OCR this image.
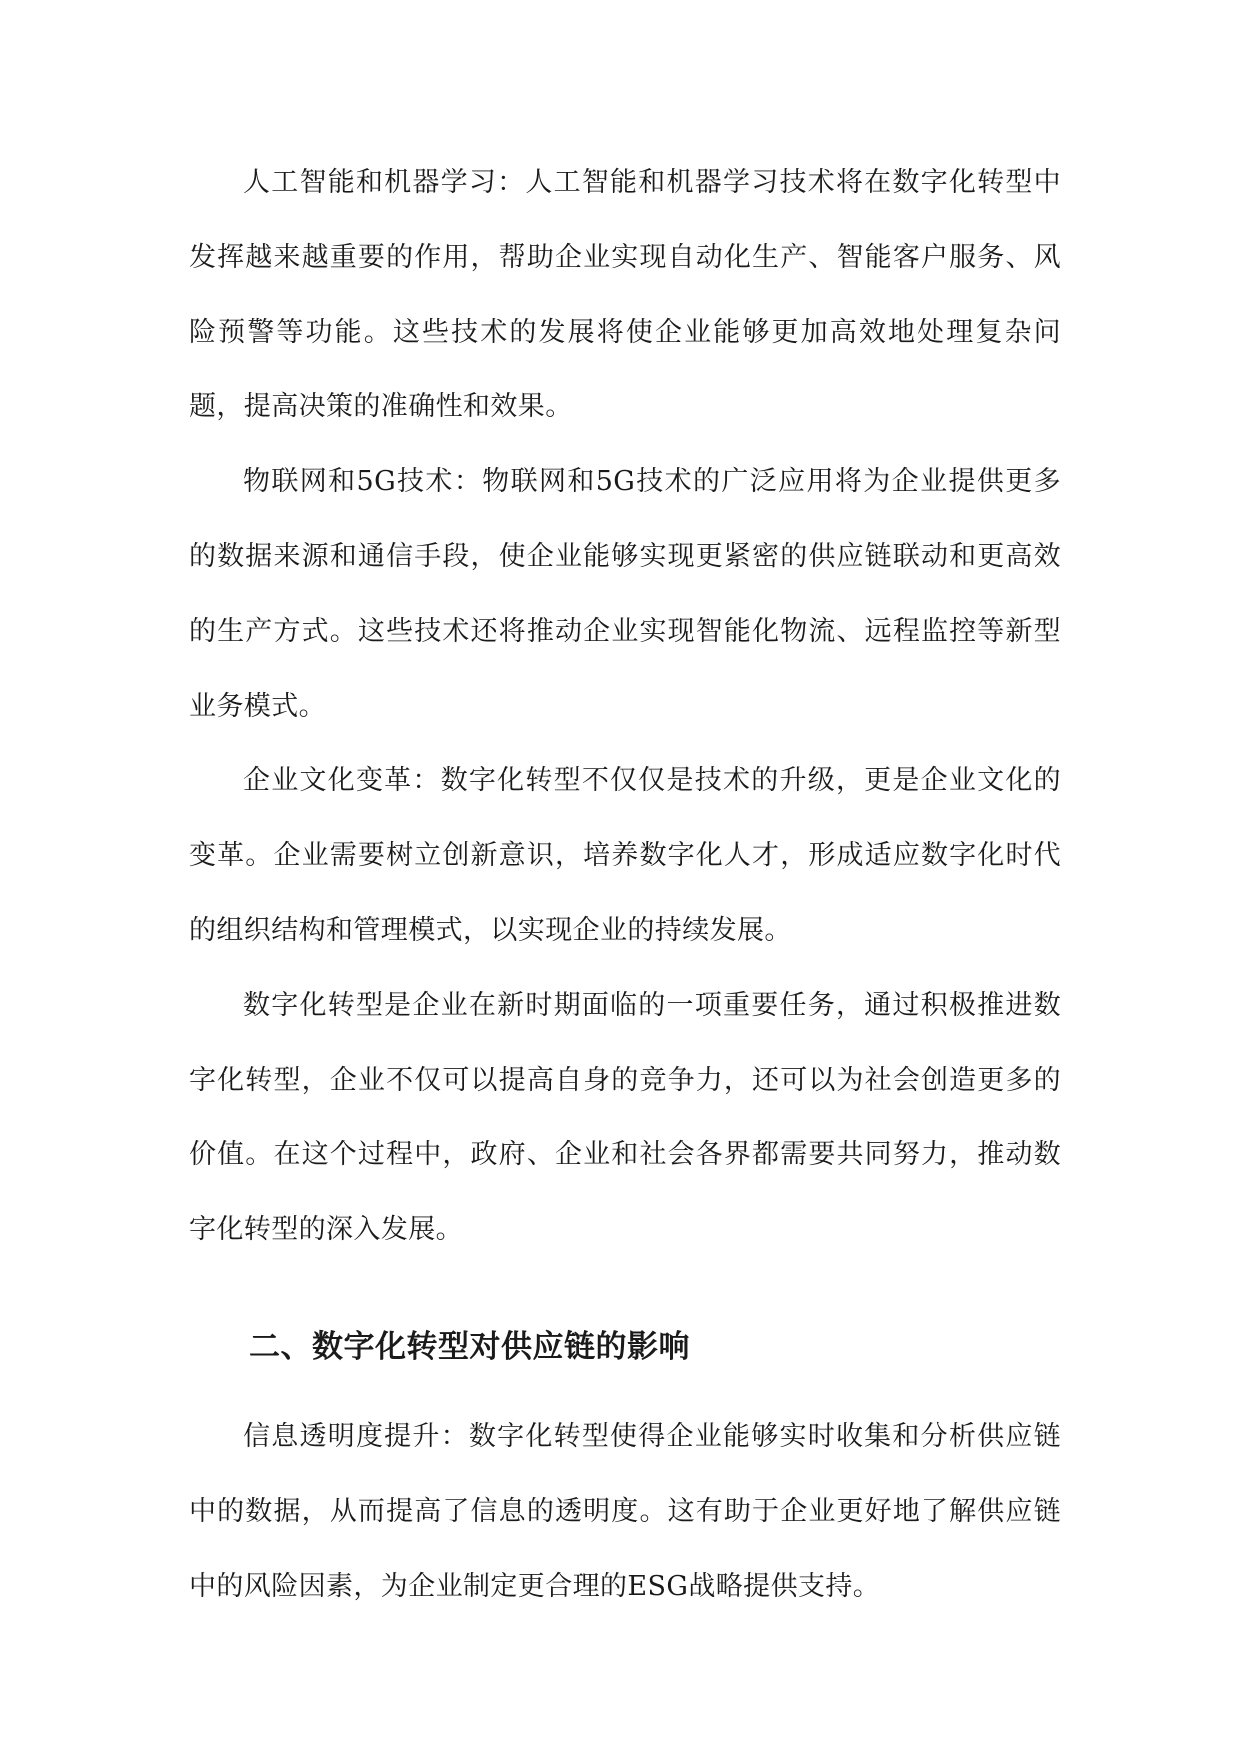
人工智能和机器学习：人工智能和机器学习技术将在数字化转型中发挥越来越重要的作用，帮助企业实现自动化生产、智能客户服务、风险预警等功能。这些技术的发展将使企业能够更加高效地处理复杂问题，提高决策的准确性和效果。

物联网和5G技术：物联网和5G技术的广泛应用将为企业提供更多的数据来源和通信手段，使企业能够实现更紧密的供应链联动和更高效的生产方式。这些技术还将推动企业实现智能化物流、远程监控等新型业务模式。

企业文化变革：数字化转型不仅仅是技术的升级，更是企业文化的变革。企业需要树立创新意识，培养数字化人才，形成适应数字化时代的组织结构和管理模式，以实现企业的持续发展。

数字化转型是企业在新时期面临的一项重要任务，通过积极推进数字化转型，企业不仅可以提高自身的竞争力，还可以为社会创造更多的价值。在这个过程中，政府、企业和社会各界都需要共同努力，推动数字化转型的深入发展。

二、数字化转型对供应链的影响

信息透明度提升：数字化转型使得企业能够实时收集和分析供应链中的数据，从而提高了信息的透明度。这有助于企业更好地了解供应链中的风险因素，为企业制定更合理的ESG战略提供支持。
